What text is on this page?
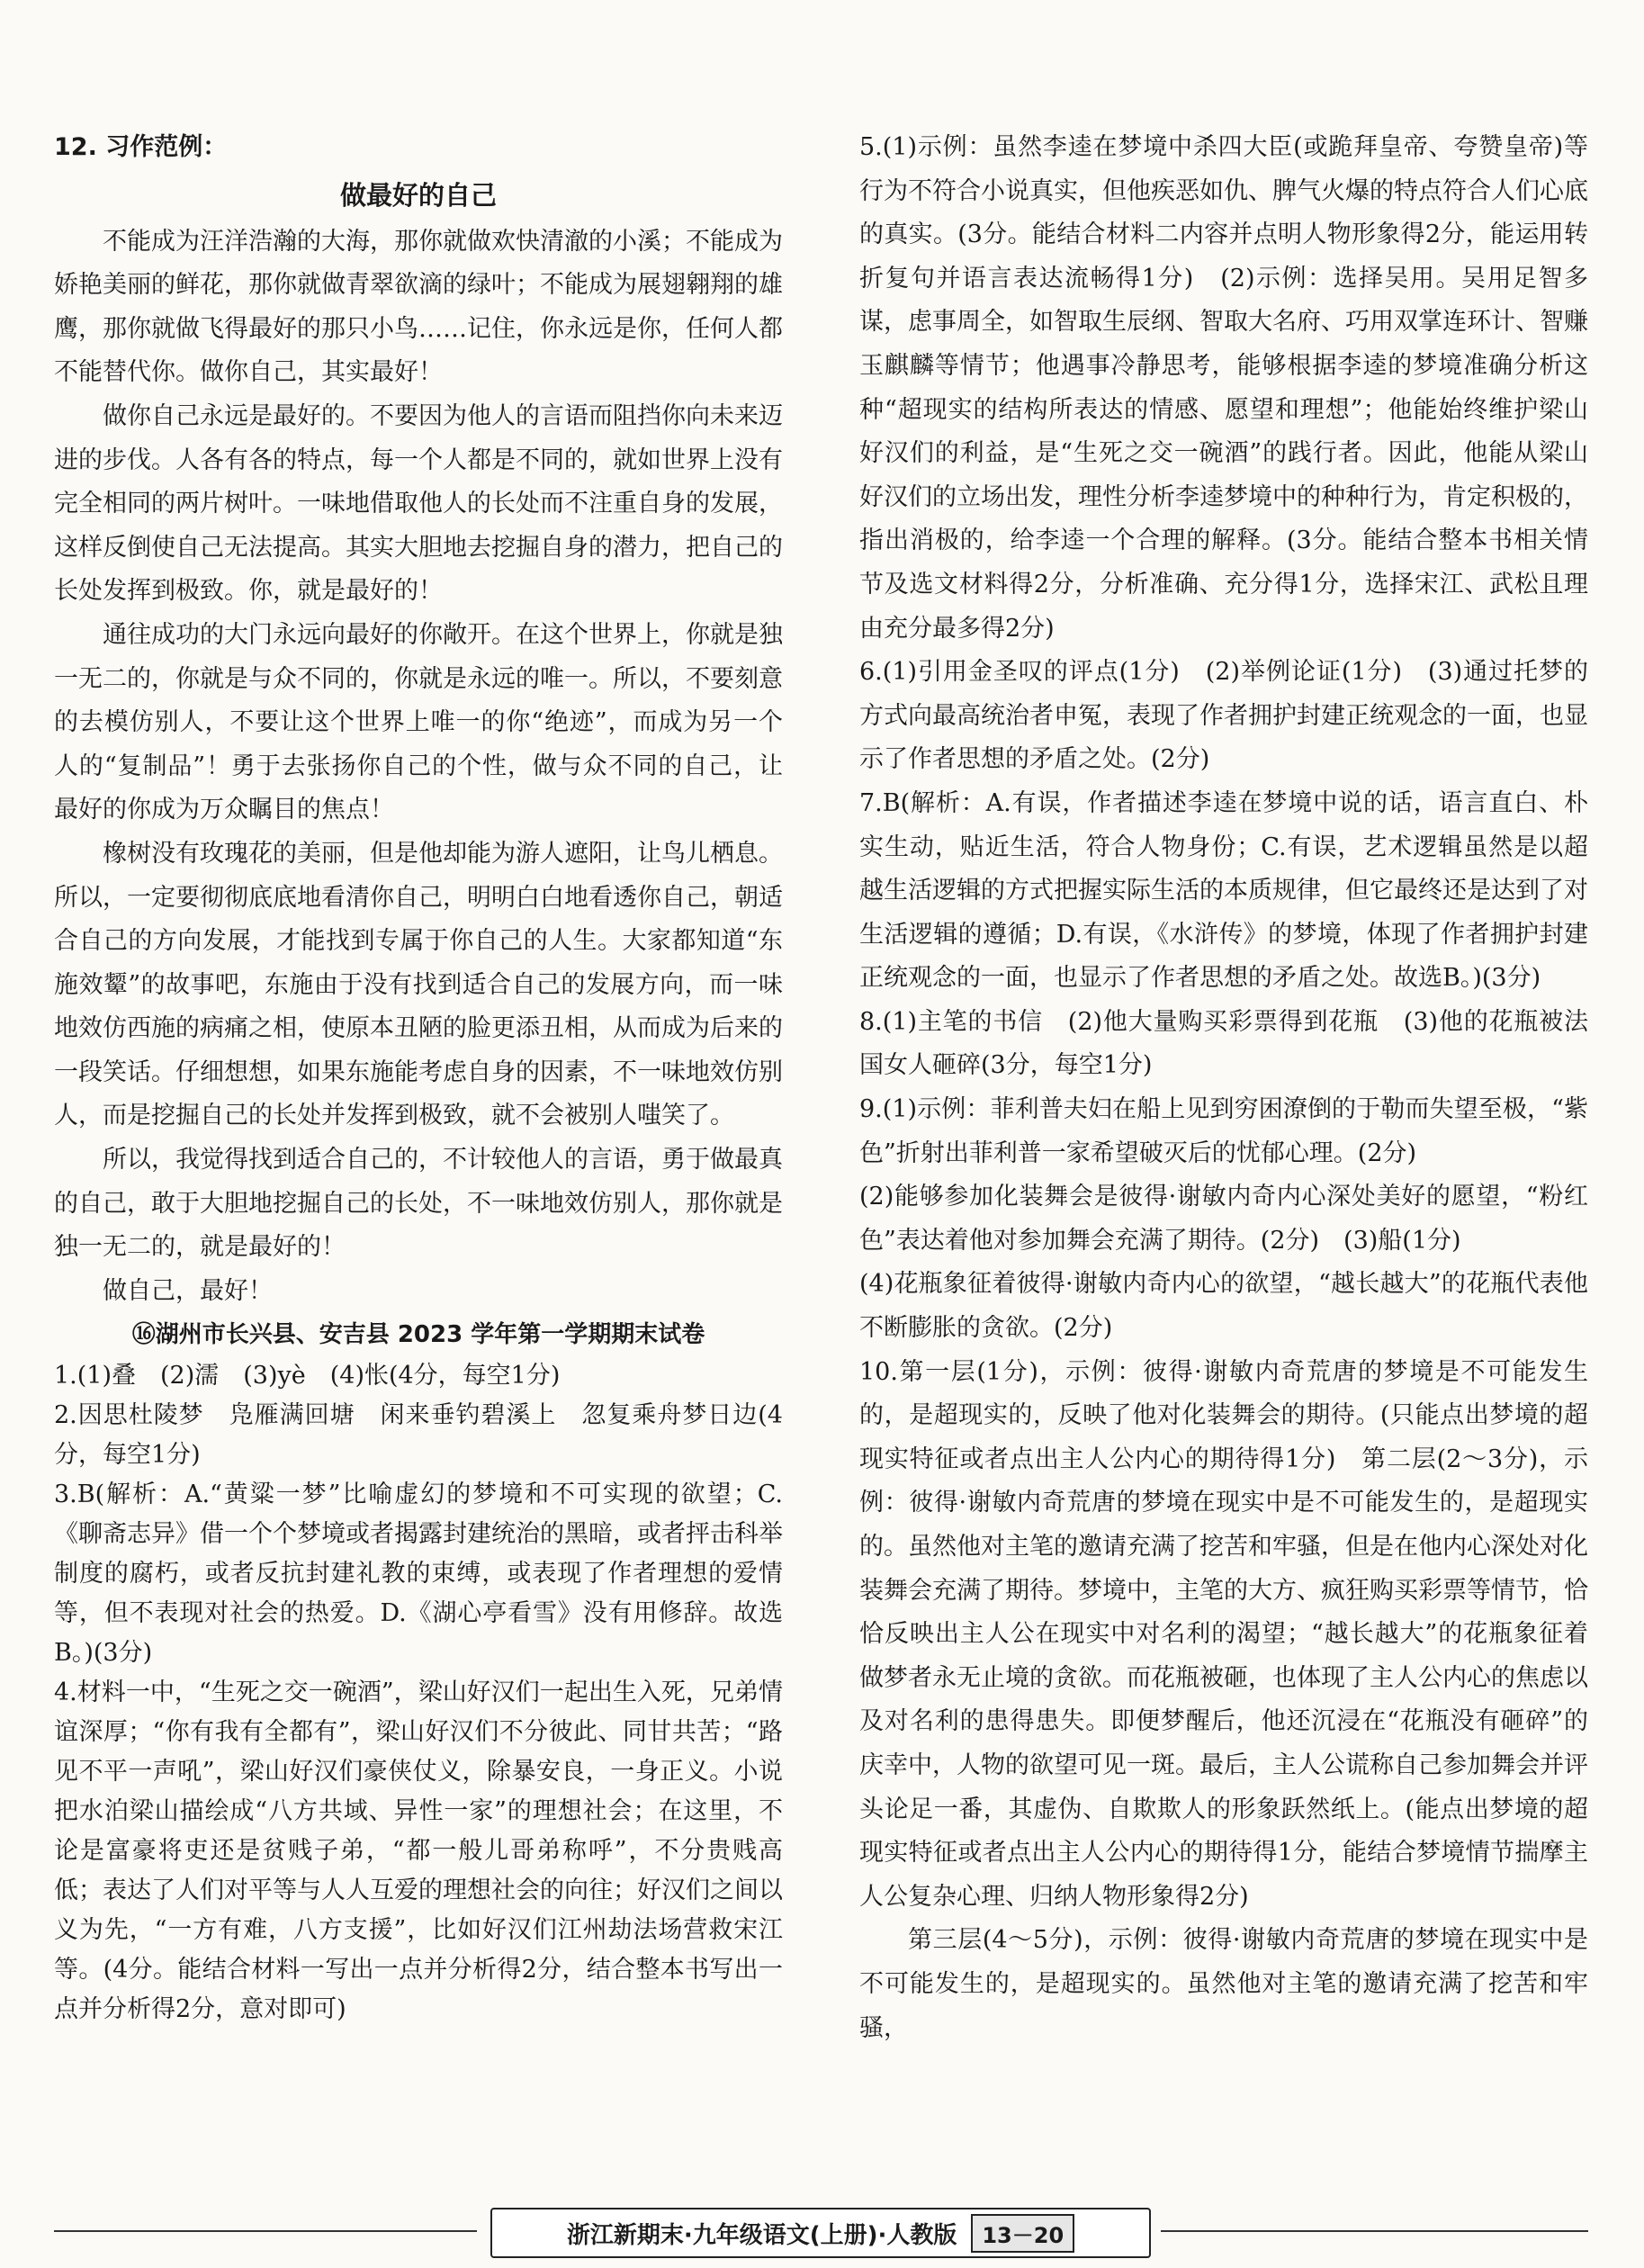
12. 习作范例：

做最好的自己

不能成为汪洋浩瀚的大海，那你就做欢快清澈的小溪；不能成为娇艳美丽的鲜花，那你就做青翠欲滴的绿叶；不能成为展翅翱翔的雄鹰，那你就做飞得最好的那只小鸟……记住，你永远是你，任何人都不能替代你。做你自己，其实最好！

做你自己永远是最好的。不要因为他人的言语而阻挡你向未来迈进的步伐。人各有各的特点，每一个人都是不同的，就如世界上没有完全相同的两片树叶。一味地借取他人的长处而不注重自身的发展，这样反倒使自己无法提高。其实大胆地去挖掘自身的潜力，把自己的长处发挥到极致。你，就是最好的！

通往成功的大门永远向最好的你敞开。在这个世界上，你就是独一无二的，你就是与众不同的，你就是永远的唯一。所以，不要刻意的去模仿别人，不要让这个世界上唯一的你“绝迹”，而成为另一个人的“复制品”！勇于去张扬你自己的个性，做与众不同的自己，让最好的你成为万众瞩目的焦点！

橡树没有玫瑰花的美丽，但是他却能为游人遮阳，让鸟儿栖息。所以，一定要彻彻底底地看清你自己，明明白白地看透你自己，朝适合自己的方向发展，才能找到专属于你自己的人生。大家都知道“东施效颦”的故事吧，东施由于没有找到适合自己的发展方向，而一味地效仿西施的病痛之相，使原本丑陋的脸更添丑相，从而成为后来的一段笑话。仔细想想，如果东施能考虑自身的因素，不一味地效仿别人，而是挖掘自己的长处并发挥到极致，就不会被别人嗤笑了。

所以，我觉得找到适合自己的，不计较他人的言语，勇于做最真的自己，敢于大胆地挖掘自己的长处，不一味地效仿别人，那你就是独一无二的，就是最好的！

做自己，最好！

⑯湖州市长兴县、安吉县 2023 学年第一学期期末试卷

1.(1)叠　(2)濡　(3)yè　(4)怅(4分，每空1分)

2.因思杜陵梦　凫雁满回塘　闲来垂钓碧溪上　忽复乘舟梦日边(4分，每空1分)

3.B(解析：A.“黄粱一梦”比喻虚幻的梦境和不可实现的欲望；C.《聊斋志异》借一个个梦境或者揭露封建统治的黑暗，或者抨击科举制度的腐朽，或者反抗封建礼教的束缚，或表现了作者理想的爱情等，但不表现对社会的热爱。D.《湖心亭看雪》没有用修辞。故选B。)(3分)

4.材料一中，“生死之交一碗酒”，梁山好汉们一起出生入死，兄弟情谊深厚；“你有我有全都有”，梁山好汉们不分彼此、同甘共苦；“路见不平一声吼”，梁山好汉们豪侠仗义，除暴安良，一身正义。小说把水泊梁山描绘成“八方共域、异性一家”的理想社会；在这里，不论是富豪将吏还是贫贱子弟，“都一般儿哥弟称呼”，不分贵贱高低；表达了人们对平等与人人互爱的理想社会的向往；好汉们之间以义为先，“一方有难，八方支援”，比如好汉们江州劫法场营救宋江等。(4分。能结合材料一写出一点并分析得2分，结合整本书写出一点并分析得2分，意对即可)

5.(1)示例：虽然李逵在梦境中杀四大臣(或跪拜皇帝、夸赞皇帝)等行为不符合小说真实，但他疾恶如仇、脾气火爆的特点符合人们心底的真实。(3分。能结合材料二内容并点明人物形象得2分，能运用转折复句并语言表达流畅得1分)　(2)示例：选择吴用。吴用足智多谋，虑事周全，如智取生辰纲、智取大名府、巧用双掌连环计、智赚玉麒麟等情节；他遇事冷静思考，能够根据李逵的梦境准确分析这种“超现实的结构所表达的情感、愿望和理想”；他能始终维护梁山好汉们的利益，是“生死之交一碗酒”的践行者。因此，他能从梁山好汉们的立场出发，理性分析李逵梦境中的种种行为，肯定积极的，指出消极的，给李逵一个合理的解释。(3分。能结合整本书相关情节及选文材料得2分，分析准确、充分得1分，选择宋江、武松且理由充分最多得2分)

6.(1)引用金圣叹的评点(1分)　(2)举例论证(1分)　(3)通过托梦的方式向最高统治者申冤，表现了作者拥护封建正统观念的一面，也显示了作者思想的矛盾之处。(2分)

7.B(解析：A.有误，作者描述李逵在梦境中说的话，语言直白、朴实生动，贴近生活，符合人物身份；C.有误，艺术逻辑虽然是以超越生活逻辑的方式把握实际生活的本质规律，但它最终还是达到了对生活逻辑的遵循；D.有误，《水浒传》的梦境，体现了作者拥护封建正统观念的一面，也显示了作者思想的矛盾之处。故选B。)(3分)

8.(1)主笔的书信　(2)他大量购买彩票得到花瓶　(3)他的花瓶被法国女人砸碎(3分，每空1分)

9.(1)示例：菲利普夫妇在船上见到穷困潦倒的于勒而失望至极，“紫色”折射出菲利普一家希望破灭后的忧郁心理。(2分)

(2)能够参加化装舞会是彼得·谢敏内奇内心深处美好的愿望，“粉红色”表达着他对参加舞会充满了期待。(2分)　(3)船(1分)

(4)花瓶象征着彼得·谢敏内奇内心的欲望，“越长越大”的花瓶代表他不断膨胀的贪欲。(2分)

10.第一层(1分)，示例：彼得·谢敏内奇荒唐的梦境是不可能发生的，是超现实的，反映了他对化装舞会的期待。(只能点出梦境的超现实特征或者点出主人公内心的期待得1分)　第二层(2～3分)，示例：彼得·谢敏内奇荒唐的梦境在现实中是不可能发生的，是超现实的。虽然他对主笔的邀请充满了挖苦和牢骚，但是在他内心深处对化装舞会充满了期待。梦境中，主笔的大方、疯狂购买彩票等情节，恰恰反映出主人公在现实中对名利的渴望；“越长越大”的花瓶象征着做梦者永无止境的贪欲。而花瓶被砸，也体现了主人公内心的焦虑以及对名利的患得患失。即便梦醒后，他还沉浸在“花瓶没有砸碎”的庆幸中，人物的欲望可见一斑。最后，主人公谎称自己参加舞会并评头论足一番，其虚伪、自欺欺人的形象跃然纸上。(能点出梦境的超现实特征或者点出主人公内心的期待得1分，能结合梦境情节揣摩主人公复杂心理、归纳人物形象得2分)

第三层(4～5分)，示例：彼得·谢敏内奇荒唐的梦境在现实中是不可能发生的，是超现实的。虽然他对主笔的邀请充满了挖苦和牢骚，

浙江新期末·九年级语文(上册)·人教版	13－20
